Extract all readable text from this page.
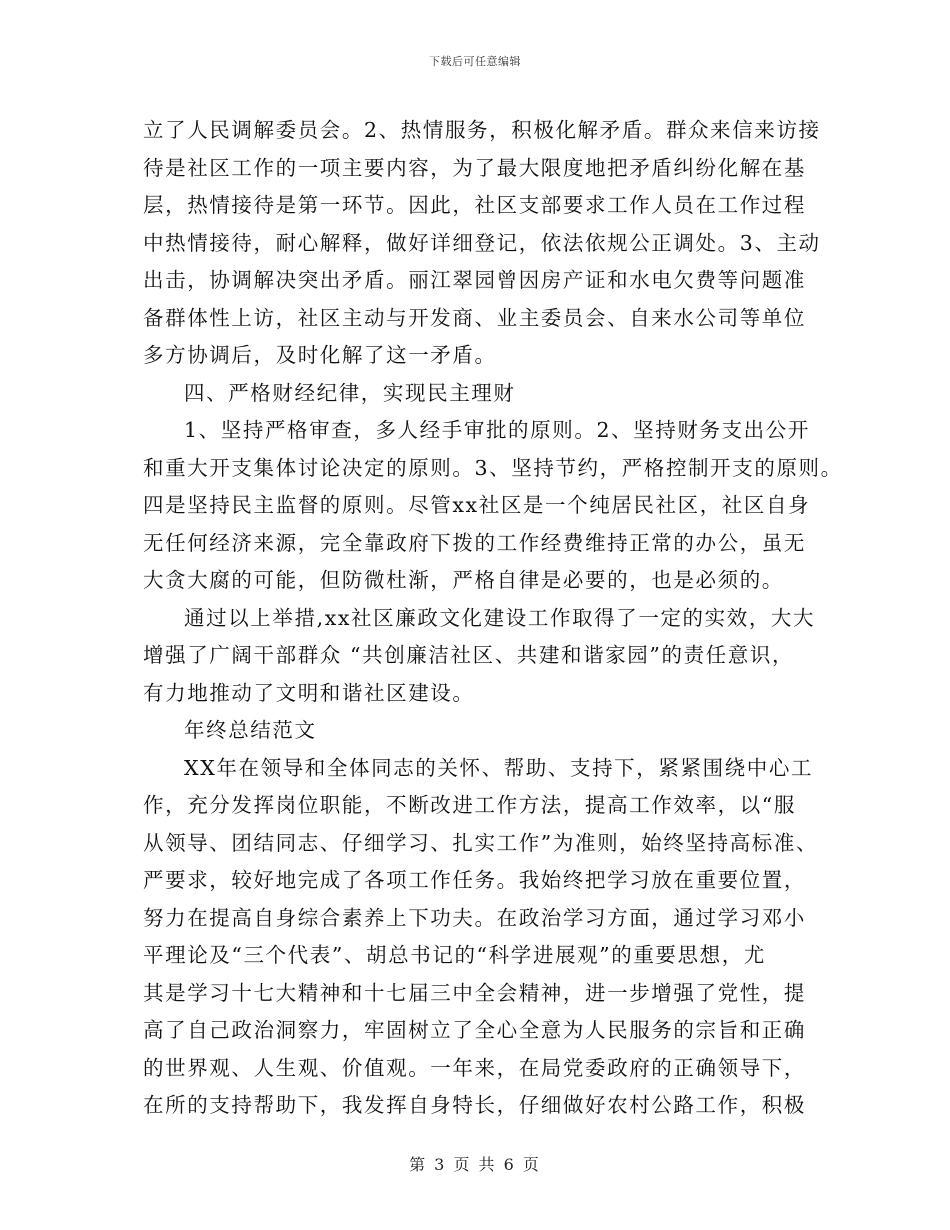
下载后可任意编辑
立了人民调解委员会。2、热情服务，积极化解矛盾。群众来信来访接
待是社区工作的一项主要内容，为了最大限度地把矛盾纠纷化解在基
层，热情接待是第一环节。因此，社区支部要求工作人员在工作过程
中热情接待，耐心解释，做好详细登记，依法依规公正调处。3、主动
出击，协调解决突出矛盾。丽江翠园曾因房产证和水电欠费等问题准
备群体性上访，社区主动与开发商、业主委员会、自来水公司等单位
多方协调后，及时化解了这一矛盾。
四、严格财经纪律，实现民主理财
1、坚持严格审查，多人经手审批的原则。2、坚持财务支出公开
和重大开支集体讨论决定的原则。3、坚持节约，严格控制开支的原则。
四是坚持民主监督的原则。尽管xx社区是一个纯居民社区，社区自身
无任何经济来源，完全靠政府下拨的工作经费维持正常的办公，虽无
大贪大腐的可能，但防微杜渐，严格自律是必要的，也是必须的。
通过以上举措,xx社区廉政文化建设工作取得了一定的实效，大大
增强了广阔干部群众 “共创廉洁社区、共建和谐家园”的责任意识，
有力地推动了文明和谐社区建设。
年终总结范文
XX年在领导和全体同志的关怀、帮助、支持下，紧紧围绕中心工
作，充分发挥岗位职能，不断改进工作方法，提高工作效率，以“服
从领导、团结同志、仔细学习、扎实工作”为准则，始终坚持高标准、
严要求，较好地完成了各项工作任务。我始终把学习放在重要位置，
努力在提高自身综合素养上下功夫。在政治学习方面，通过学习邓小
平理论及“三个代表”、胡总书记的“科学进展观”的重要思想，尤
其是学习十七大精神和十七届三中全会精神，进一步增强了党性，提
高了自己政治洞察力，牢固树立了全心全意为人民服务的宗旨和正确
的世界观、人生观、价值观。一年来，在局党委政府的正确领导下，
在所的支持帮助下，我发挥自身特长，仔细做好农村公路工作，积极
第 3 页 共 6 页
